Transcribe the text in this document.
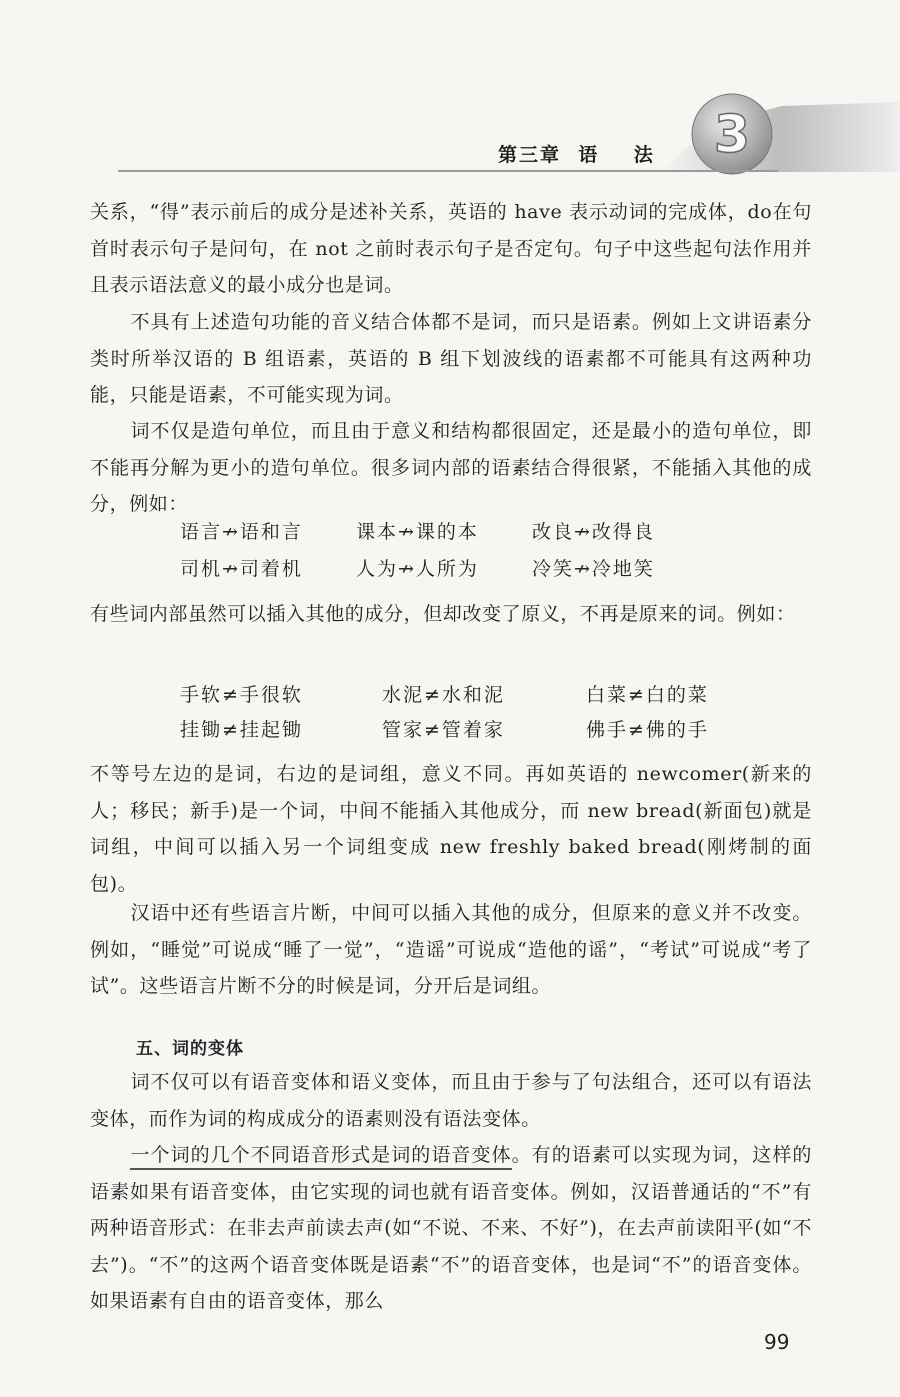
3
第三章  语    法
关系，“得”表示前后的成分是述补关系，英语的 have 表示动词的完成体，do在句首时表示句子是问句，在 not 之前时表示句子是否定句。句子中这些起句法作用并且表示语法意义的最小成分也是词。
不具有上述造句功能的音义结合体都不是词，而只是语素。例如上文讲语素分类时所举汉语的 B 组语素，英语的 B 组下划波线的语素都不可能具有这两种功能，只能是语素，不可能实现为词。
词不仅是造句单位，而且由于意义和结构都很固定，还是最小的造句单位，即不能再分解为更小的造句单位。很多词内部的语素结合得很紧，不能插入其他的成分，例如：
语言↛语和言	课本↛课的本	改良↛改得良
司机↛司着机	人为↛人所为	冷笑↛冷地笑
有些词内部虽然可以插入其他的成分，但却改变了原义，不再是原来的词。例如：
手软≠手很软	水泥≠水和泥	白菜≠白的菜
挂锄≠挂起锄	管家≠管着家	佛手≠佛的手
不等号左边的是词，右边的是词组，意义不同。再如英语的 newcomer(新来的人；移民；新手)是一个词，中间不能插入其他成分，而 new bread(新面包)就是词组，中间可以插入另一个词组变成 new freshly baked bread(刚烤制的面包)。
汉语中还有些语言片断，中间可以插入其他的成分，但原来的意义并不改变。例如，“睡觉”可说成“睡了一觉”，“造谣”可说成“造他的谣”，“考试”可说成“考了试”。这些语言片断不分的时候是词，分开后是词组。
五、词的变体
词不仅可以有语音变体和语义变体，而且由于参与了句法组合，还可以有语法变体，而作为词的构成成分的语素则没有语法变体。
一个词的几个不同语音形式是词的语音变体。有的语素可以实现为词，这样的语素如果有语音变体，由它实现的词也就有语音变体。例如，汉语普通话的“不”有两种语音形式：在非去声前读去声(如“不说、不来、不好”)，在去声前读阳平(如“不去”)。“不”的这两个语音变体既是语素“不”的语音变体，也是词“不”的语音变体。如果语素有自由的语音变体，那么
99
